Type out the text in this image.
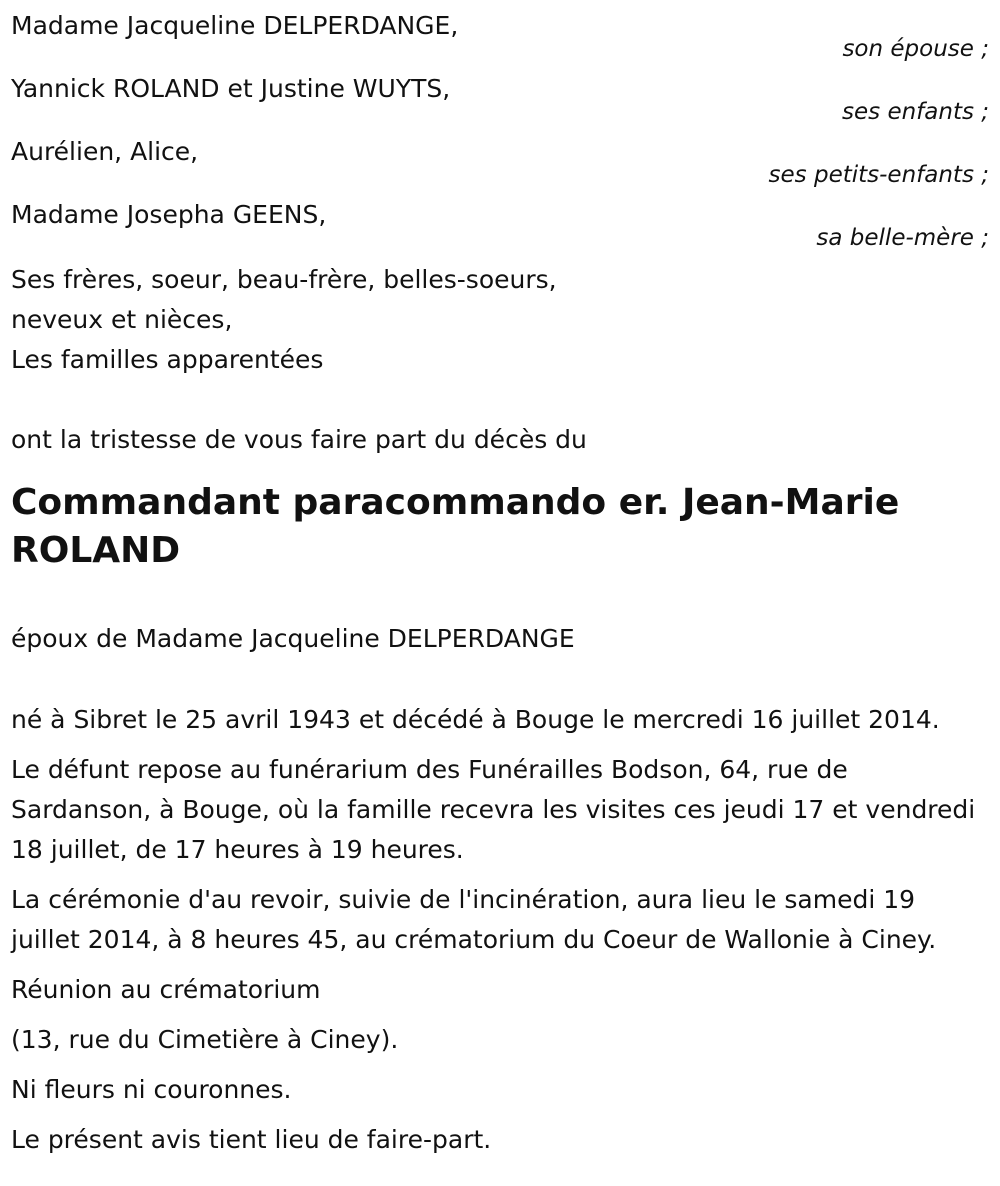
Madame Jacqueline DELPERDANGE,
son épouse ;
Yannick ROLAND et Justine WUYTS,
ses enfants ;
Aurélien, Alice,
ses petits-enfants ;
Madame Josepha GEENS,
sa belle-mère ;
Ses frères, soeur, beau-frère, belles-soeurs,
neveux et nièces,
Les familles apparentées

ont la tristesse de vous faire part du décès du

Commandant paracommando er. Jean-Marie ROLAND

époux de Madame Jacqueline DELPERDANGE

né à Sibret le 25 avril 1943 et décédé à Bouge le mercredi 16 juillet 2014.

Le défunt repose au funérarium des Funérailles Bodson, 64, rue de Sardanson, à Bouge, où la famille recevra les visites ces jeudi 17 et vendredi 18 juillet, de 17 heures à 19 heures.

La cérémonie d'au revoir, suivie de l'incinération, aura lieu le samedi 19 juillet 2014, à 8 heures 45, au crématorium du Coeur de Wallonie à Ciney.

Réunion au crématorium

(13, rue du Cimetière à Ciney).

Ni fleurs ni couronnes.

Le présent avis tient lieu de faire-part.
